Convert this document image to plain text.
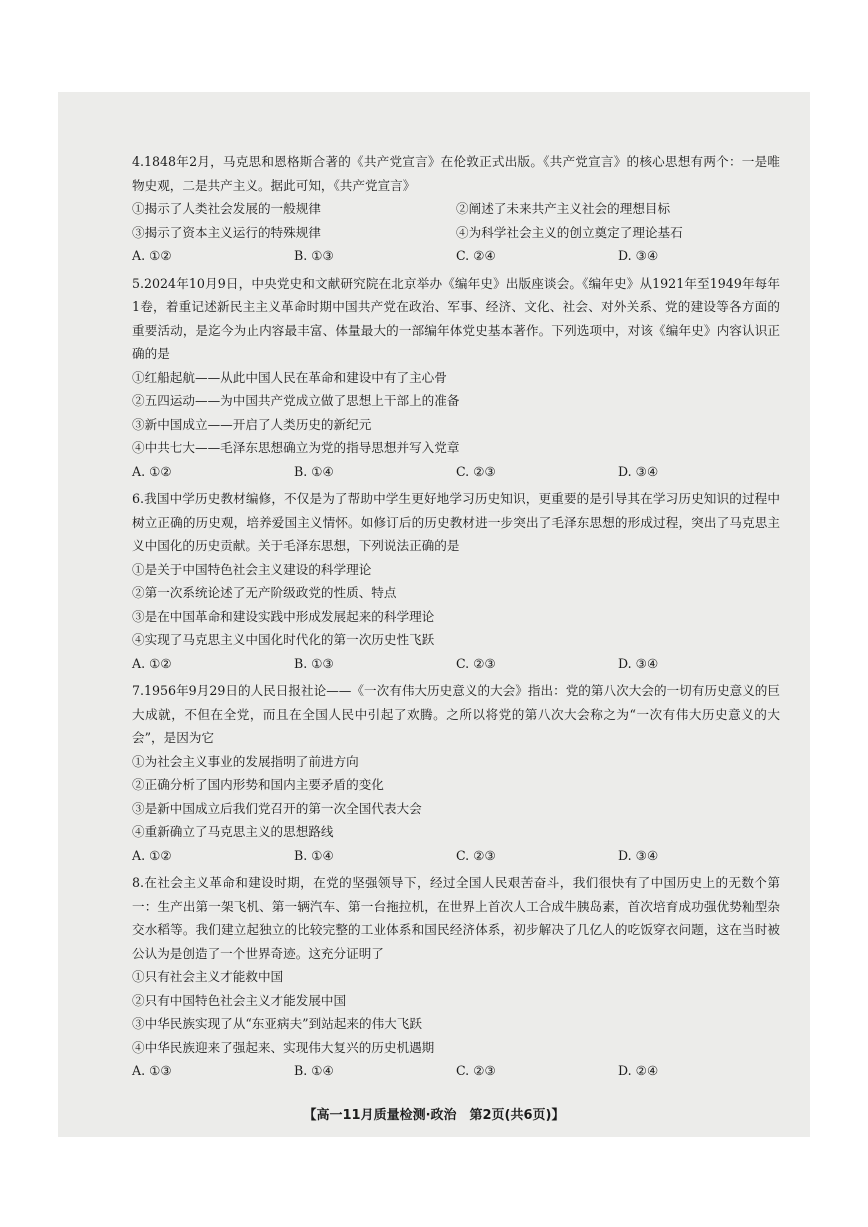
4.1848年2月，马克思和恩格斯合著的《共产党宣言》在伦敦正式出版。《共产党宣言》的核心思想有两个：一是唯物史观，二是共产主义。据此可知，《共产党宣言》
①揭示了人类社会发展的一般规律	②阐述了未来共产主义社会的理想目标
③揭示了资本主义运行的特殊规律	④为科学社会主义的创立奠定了理论基石
A. ①②	B. ①③	C. ②④	D. ③④
5.2024年10月9日，中央党史和文献研究院在北京举办《编年史》出版座谈会。《编年史》从1921年至1949年每年1卷，着重记述新民主主义革命时期中国共产党在政治、军事、经济、文化、社会、对外关系、党的建设等各方面的重要活动，是迄今为止内容最丰富、体量最大的一部编年体党史基本著作。下列选项中，对该《编年史》内容认识正确的是
①红船起航——从此中国人民在革命和建设中有了主心骨
②五四运动——为中国共产党成立做了思想上干部上的准备
③新中国成立——开启了人类历史的新纪元
④中共七大——毛泽东思想确立为党的指导思想并写入党章
A. ①②	B. ①④	C. ②③	D. ③④
6.我国中学历史教材编修，不仅是为了帮助中学生更好地学习历史知识，更重要的是引导其在学习历史知识的过程中树立正确的历史观，培养爱国主义情怀。如修订后的历史教材进一步突出了毛泽东思想的形成过程，突出了马克思主义中国化的历史贡献。关于毛泽东思想，下列说法正确的是
①是关于中国特色社会主义建设的科学理论
②第一次系统论述了无产阶级政党的性质、特点
③是在中国革命和建设实践中形成发展起来的科学理论
④实现了马克思主义中国化时代化的第一次历史性飞跃
A. ①②	B. ①③	C. ②③	D. ③④
7.1956年9月29日的人民日报社论——《一次有伟大历史意义的大会》指出：党的第八次大会的一切有历史意义的巨大成就，不但在全党，而且在全国人民中引起了欢腾。之所以将党的第八次大会称之为“一次有伟大历史意义的大会”，是因为它
①为社会主义事业的发展指明了前进方向
②正确分析了国内形势和国内主要矛盾的变化
③是新中国成立后我们党召开的第一次全国代表大会
④重新确立了马克思主义的思想路线
A. ①②	B. ①④	C. ②③	D. ③④
8.在社会主义革命和建设时期，在党的坚强领导下，经过全国人民艰苦奋斗，我们很快有了中国历史上的无数个第一：生产出第一架飞机、第一辆汽车、第一台拖拉机，在世界上首次人工合成牛胰岛素，首次培育成功强优势籼型杂交水稻等。我们建立起独立的比较完整的工业体系和国民经济体系，初步解决了几亿人的吃饭穿衣问题，这在当时被公认为是创造了一个世界奇迹。这充分证明了
①只有社会主义才能救中国
②只有中国特色社会主义才能发展中国
③中华民族实现了从“东亚病夫”到站起来的伟大飞跃
④中华民族迎来了强起来、实现伟大复兴的历史机遇期
A. ①③	B. ①④	C. ②③	D. ②④
【高一11月质量检测·政治　第2页(共6页)】
